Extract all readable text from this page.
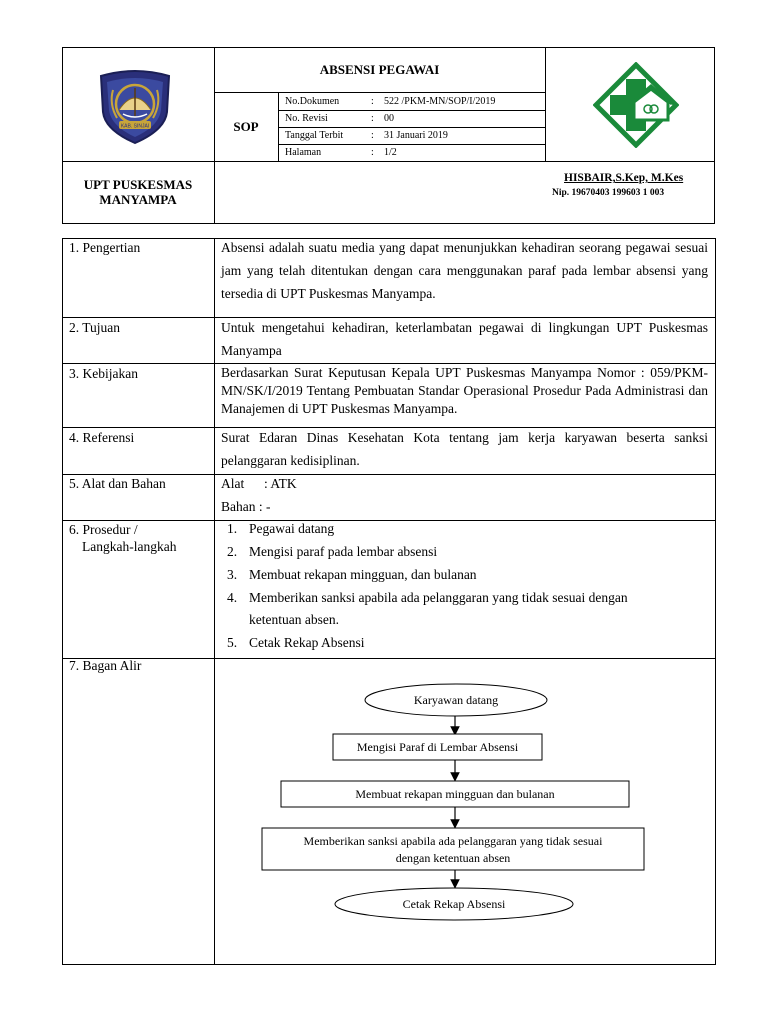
KAB. SINJAI
ABSENSI PEGAWAI
SOP
No.Dokumen	: 522 /PKM-MN/SOP/I/2019
No. Revisi	: 00
Tanggal Terbit	: 31 Januari 2019
Halaman	: 1/2
UPT PUSKESMAS
MANYAMPA
HISBAIR,S.Kep, M.Kes
Nip. 19670403 199603 1 003
1. Pengertian	Absensi adalah suatu media yang dapat menunjukkan kehadiran seorang pegawai sesuai jam yang telah ditentukan dengan cara menggunakan paraf pada lembar absensi yang tersedia di UPT Puskesmas Manyampa.
2. Tujuan	Untuk mengetahui kehadiran, keterlambatan pegawai di lingkungan UPT Puskesmas Manyampa
3. Kebijakan	Berdasarkan Surat Keputusan Kepala UPT Puskesmas Manyampa Nomor : 059/PKM-MN/SK/I/2019 Tentang Pembuatan Standar Operasional Prosedur Pada Administrasi dan Manajemen di UPT Puskesmas Manyampa.
4. Referensi	Surat Edaran Dinas Kesehatan Kota tentang jam kerja karyawan beserta sanksi pelanggaran kedisiplinan.
5. Alat dan Bahan	Alat : ATK
Bahan : -
6. Prosedur /
Langkah-langkah
1. Pegawai datang
2. Mengisi paraf pada lembar absensi
3. Membuat rekapan mingguan, dan bulanan
4. Memberikan sanksi apabila ada pelanggaran yang tidak sesuai dengan
ketentuan absen.
5. Cetak Rekap Absensi
7. Bagan Alir
Karyawan datang
Mengisi Paraf di Lembar Absensi
Membuat rekapan mingguan dan bulanan
Memberikan sanksi apabila ada pelanggaran yang tidak sesuai
dengan ketentuan absen
Cetak Rekap Absensi
